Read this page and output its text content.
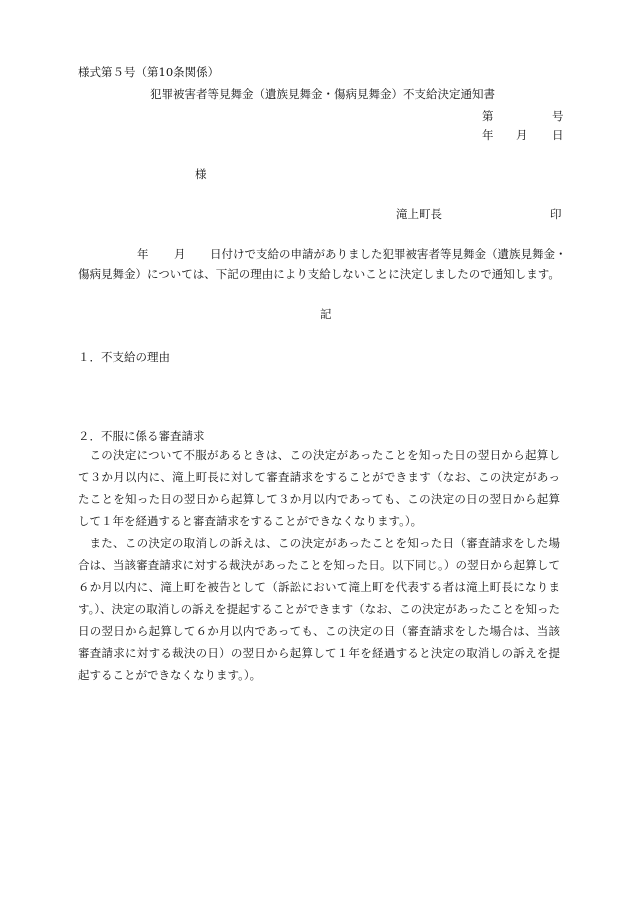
様式第５号（第10条関係）
犯罪被害者等見舞金（遺族見舞金・傷病見舞金）不支給決定通知書
第	号
年 月 日
様
滝上町長	印
年 月 日付けで支給の申請がありました犯罪被害者等見舞金（遺族見舞金・
傷病見舞金）については、下記の理由により支給しないことに決定しましたので通知します。
記
１．不支給の理由
２．不服に係る審査請求
この決定について不服があるときは、この決定があったことを知った日の翌日から起算して３か月以内に、滝上町長に対して審査請求をすることができます（なお、この決定があったことを知った日の翌日から起算して３か月以内であっても、この決定の日の翌日から起算して１年を経過すると審査請求をすることができなくなります。）。
また、この決定の取消しの訴えは、この決定があったことを知った日（審査請求をした場合は、当該審査請求に対する裁決があったことを知った日。以下同じ。）の翌日から起算して６か月以内に、滝上町を被告として（訴訟において滝上町を代表する者は滝上町長になります。）、決定の取消しの訴えを提起することができます（なお、この決定があったことを知った日の翌日から起算して６か月以内であっても、この決定の日（審査請求をした場合は、当該審査請求に対する裁決の日）の翌日から起算して１年を経過すると決定の取消しの訴えを提起することができなくなります。）。
